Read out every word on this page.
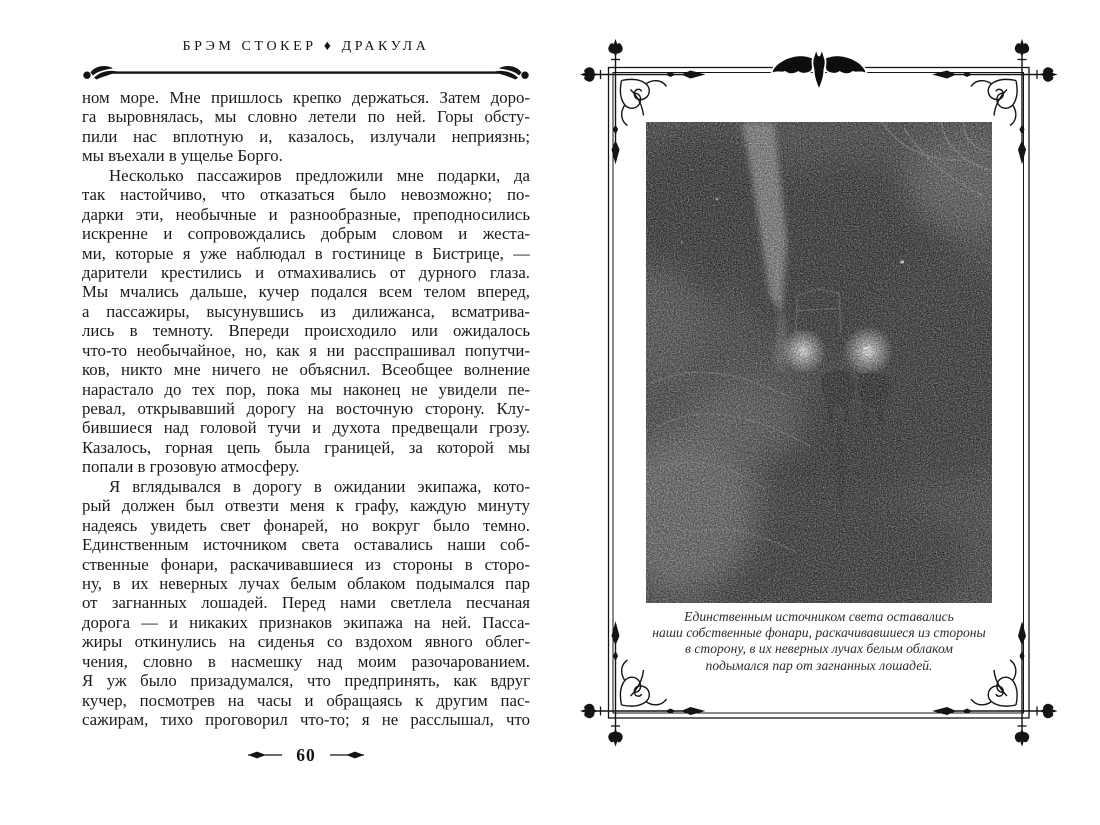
БРЭМ СТОКЕР ♦ ДРАКУЛА
ном море. Мне пришлось крепко держаться. Затем доро-
га выровнялась, мы словно летели по ней. Горы обсту-
пили нас вплотную и, казалось, излучали неприязнь;
мы въехали в ущелье Борго.
Несколько пассажиров предложили мне подарки, да
так настойчиво, что отказаться было невозможно; по-
дарки эти, необычные и разнообразные, преподносились
искренне и сопровождались добрым словом и жеста-
ми, которые я уже наблюдал в гостинице в Бистрице, —
дарители крестились и отмахивались от дурного глаза.
Мы мчались дальше, кучер подался всем телом вперед,
а пассажиры, высунувшись из дилижанса, всматрива-
лись в темноту. Впереди происходило или ожидалось
что-то необычайное, но, как я ни расспрашивал попутчи-
ков, никто мне ничего не объяснил. Всеобщее волнение
нарастало до тех пор, пока мы наконец не увидели пе-
ревал, открывавший дорогу на восточную сторону. Клу-
бившиеся над головой тучи и духота предвещали грозу.
Казалось, горная цепь была границей, за которой мы
попали в грозовую атмосферу.
Я вглядывался в дорогу в ожидании экипажа, кото-
рый должен был отвезти меня к графу, каждую минуту
надеясь увидеть свет фонарей, но вокруг было темно.
Единственным источником света оставались наши соб-
ственные фонари, раскачивавшиеся из стороны в сторо-
ну, в их неверных лучах белым облаком подымался пар
от загнанных лошадей. Перед нами светлела песчаная
дорога — и никаких признаков экипажа на ней. Пасса-
жиры откинулись на сиденья со вздохом явного облег-
чения, словно в насмешку над моим разочарованием.
Я уж было призадумался, что предпринять, как вдруг
кучер, посмотрев на часы и обращаясь к другим пас-
сажирам, тихо проговорил что-то; я не расслышал, что
60
Единственным источником света оставались
наши собственные фонари, раскачивавшиеся из стороны
в сторону, в их неверных лучах белым облаком
подымался пар от загнанных лошадей.
